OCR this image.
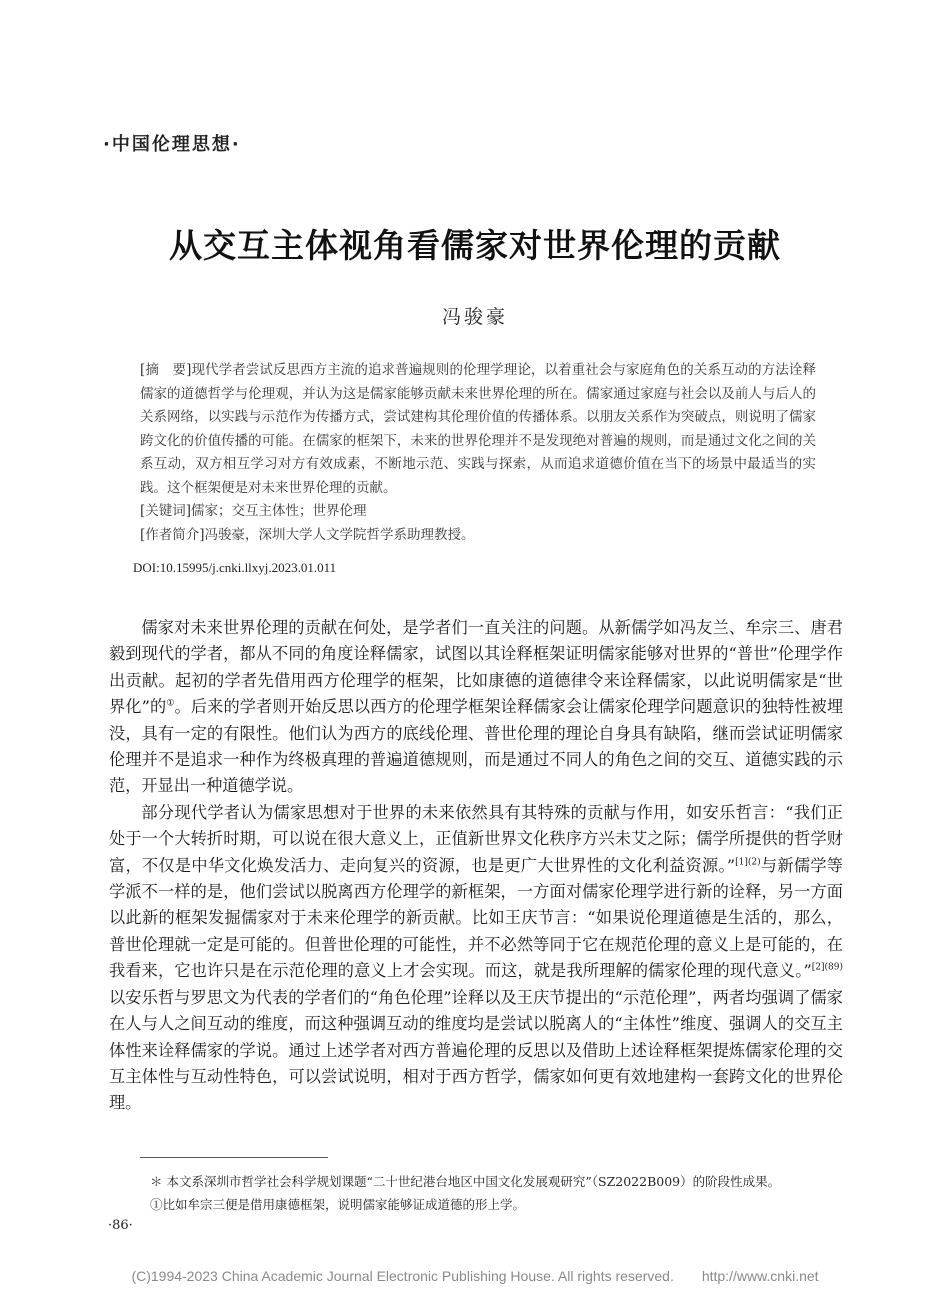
·中国伦理思想·
从交互主体视角看儒家对世界伦理的贡献
冯骏豪

[摘　要]现代学者尝试反思西方主流的追求普遍规则的伦理学理论，以着重社会与家庭角色的关系互动的方法诠释儒家的道德哲学与伦理观，并认为这是儒家能够贡献未来世界伦理的所在。儒家通过家庭与社会以及前人与后人的关系网络，以实践与示范作为传播方式，尝试建构其伦理价值的传播体系。以朋友关系作为突破点，则说明了儒家跨文化的价值传播的可能。在儒家的框架下，未来的世界伦理并不是发现绝对普遍的规则，而是通过文化之间的关系互动，双方相互学习对方有效成素，不断地示范、实践与探索，从而追求道德价值在当下的场景中最适当的实践。这个框架便是对未来世界伦理的贡献。

[关键词]儒家；交互主体性；世界伦理

[作者简介]冯骏豪，深圳大学人文学院哲学系助理教授。

DOI:10.15995/j.cnki.llxyj.2023.01.011

儒家对未来世界伦理的贡献在何处，是学者们一直关注的问题。从新儒学如冯友兰、牟宗三、唐君毅到现代的学者，都从不同的角度诠释儒家，试图以其诠释框架证明儒家能够对世界的“普世”伦理学作出贡献。起初的学者先借用西方伦理学的框架，比如康德的道德律令来诠释儒家，以此说明儒家是“世界化”的①。后来的学者则开始反思以西方的伦理学框架诠释儒家会让儒家伦理学问题意识的独特性被埋没，具有一定的有限性。他们认为西方的底线伦理、普世伦理的理论自身具有缺陷，继而尝试证明儒家伦理并不是追求一种作为终极真理的普遍道德规则，而是通过不同人的角色之间的交互、道德实践的示范，开显出一种道德学说。

部分现代学者认为儒家思想对于世界的未来依然具有其特殊的贡献与作用，如安乐哲言：“我们正处于一个大转折时期，可以说在很大意义上，正值新世界文化秩序方兴未艾之际；儒学所提供的哲学财富，不仅是中华文化焕发活力、走向复兴的资源，也是更广大世界性的文化利益资源。”$^{[1](2)}$与新儒学等学派不一样的是，他们尝试以脱离西方伦理学的新框架，一方面对儒家伦理学进行新的诠释，另一方面以此新的框架发掘儒家对于未来伦理学的新贡献。比如王庆节言：“如果说伦理道德是生活的，那么，普世伦理就一定是可能的。但普世伦理的可能性，并不必然等同于它在规范伦理的意义上是可能的，在我看来，它也许只是在示范伦理的意义上才会实现。而这，就是我所理解的儒家伦理的现代意义。”$^{[2](89)}$以安乐哲与罗思文为代表的学者们的“角色伦理”诠释以及王庆节提出的“示范伦理”，两者均强调了儒家在人与人之间互动的维度，而这种强调互动的维度均是尝试以脱离人的“主体性”维度、强调人的交互主体性来诠释儒家的学说。通过上述学者对西方普遍伦理的反思以及借助上述诠释框架提炼儒家伦理的交互主体性与互动性特色，可以尝试说明，相对于西方哲学，儒家如何更有效地建构一套跨文化的世界伦理。

＊ 本文系深圳市哲学社会科学规划课题“二十世纪港台地区中国文化发展观研究”（SZ2022B009）的阶段性成果。

①比如牟宗三便是借用康德框架，说明儒家能够证成道德的形上学。

·86·
(C)1994-2023 China Academic Journal Electronic Publishing House. All rights reserved.　　http://www.cnki.net
